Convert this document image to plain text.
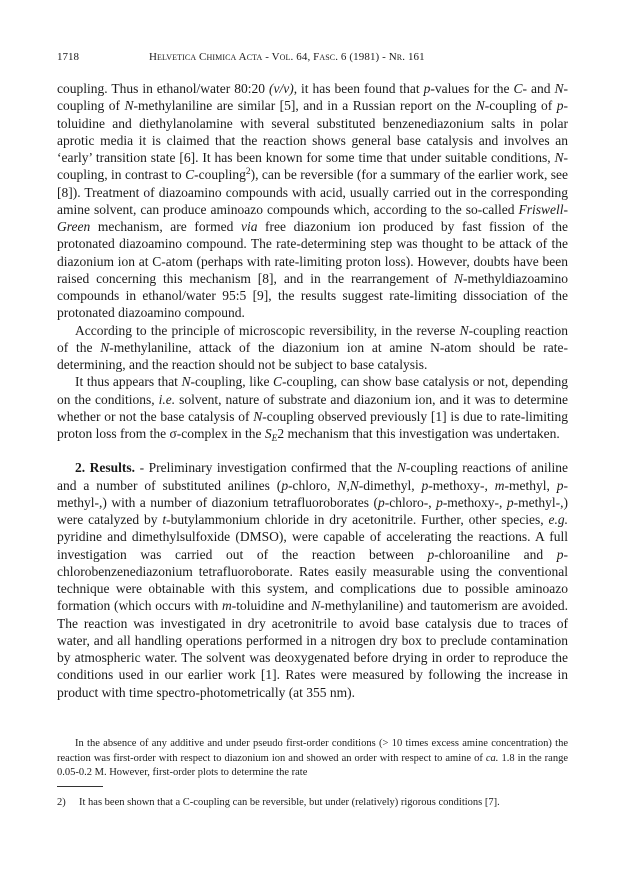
1718	Helvetica Chimica Acta - Vol. 64, Fasc. 6 (1981) - Nr. 161

coupling. Thus in ethanol/water 80:20 (v/v), it has been found that p-values for the C- and N-coupling of N-methylaniline are similar [5], and in a Russian report on the N-coupling of p-toluidine and diethylanolamine with several substituted benzenediazonium salts in polar aprotic media it is claimed that the reaction shows general base catalysis and involves an ‘early’ transition state [6]. It has been known for some time that under suitable conditions, N-coupling, in contrast to C-coupling$^2$), can be reversible (for a summary of the earlier work, see [8]). Treatment of diazoamino compounds with acid, usually carried out in the corresponding amine solvent, can produce aminoazo compounds which, according to the so-called Friswell-Green mechanism, are formed via free diazonium ion produced by fast fission of the protonated diazoamino compound. The rate-determining step was thought to be attack of the diazonium ion at C-atom (perhaps with rate-limiting proton loss). However, doubts have been raised concerning this mechanism [8], and in the rearrangement of N-methyldiazoamino compounds in ethanol/water 95:5 [9], the results suggest rate-limiting dissociation of the protonated diazoamino compound.

According to the principle of microscopic reversibility, in the reverse N-coupling reaction of the N-methylaniline, attack of the diazonium ion at amine N-atom should be rate-determining, and the reaction should not be subject to base catalysis.

It thus appears that N-coupling, like C-coupling, can show base catalysis or not, depending on the conditions, i.e. solvent, nature of substrate and diazonium ion, and it was to determine whether or not the base catalysis of N-coupling observed previously [1] is due to rate-limiting proton loss from the σ-complex in the $S_E2$ mechanism that this investigation was undertaken.

2. Results. - Preliminary investigation confirmed that the N-coupling reactions of aniline and a number of substituted anilines (p-chloro, N,N-dimethyl, p-methoxy-, m-methyl, p-methyl-,) with a number of diazonium tetrafluoroborates (p-chloro-, p-methoxy-, p-methyl-,) were catalyzed by t-butylammonium chloride in dry acetonitrile. Further, other species, e.g. pyridine and dimethylsulfoxide (DMSO), were capable of accelerating the reactions. A full investigation was carried out of the reaction between p-chloroaniline and p-chlorobenzenediazonium tetrafluoroborate. Rates easily measurable using the conventional technique were obtainable with this system, and complications due to possible aminoazo formation (which occurs with m-toluidine and N-methylaniline) and tautomerism are avoided. The reaction was investigated in dry acetronitrile to avoid base catalysis due to traces of water, and all handling operations performed in a nitrogen dry box to preclude contamination by atmospheric water. The solvent was deoxygenated before drying in order to reproduce the conditions used in our earlier work [1]. Rates were measured by following the increase in product with time spectro-photometrically (at 355 nm).

In the absence of any additive and under pseudo first-order conditions (> 10 times excess amine concentration) the reaction was first-order with respect to diazonium ion and showed an order with respect to amine of ca. 1.8 in the range 0.05-0.2 M. However, first-order plots to determine the rate

2) It has been shown that a C-coupling can be reversible, but under (relatively) rigorous conditions [7].
